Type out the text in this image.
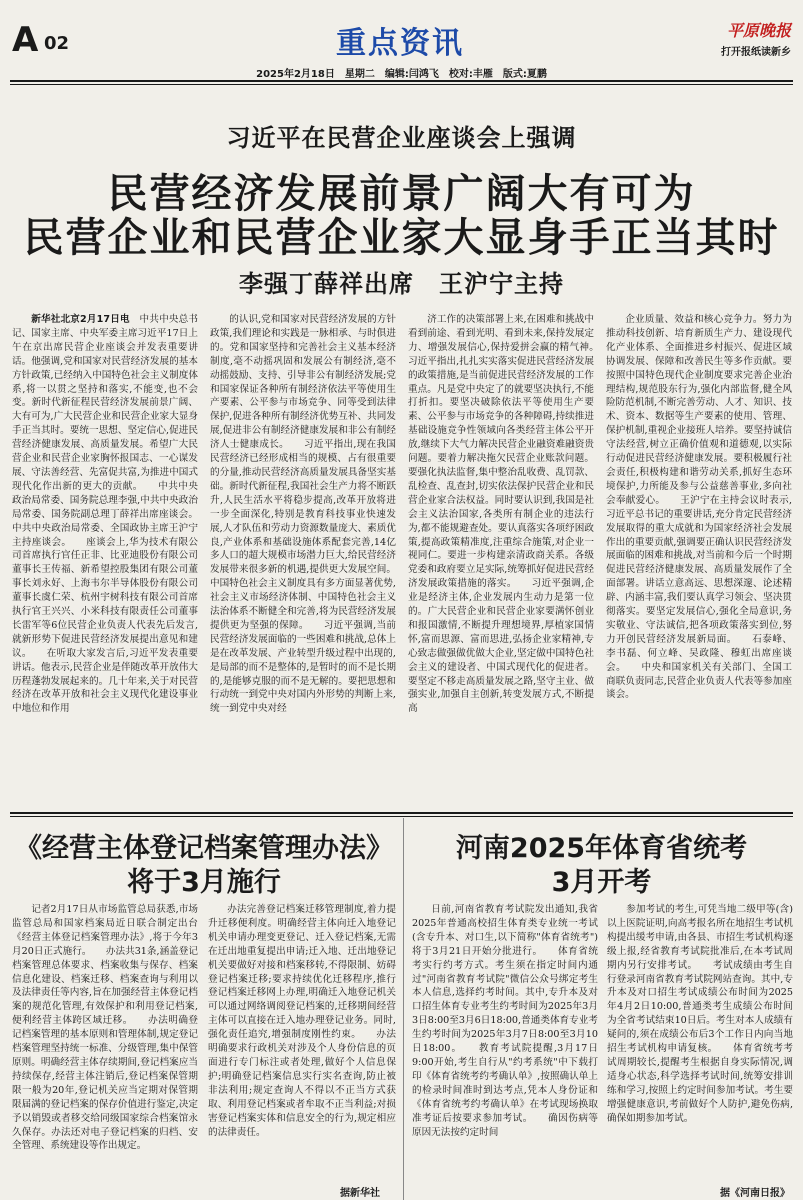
A 02	重点资讯	平原晚报
打开报纸读新乡
2025年2月18日　星期二　编辑:闫鸿飞　校对:丰雁　版式:夏鹏
习近平在民营企业座谈会上强调
民营经济发展前景广阔大有可为
民营企业和民营企业家大显身手正当其时
李强丁薛祥出席　王沪宁主持

新华社北京2月17日电　 中共中央总书记、国家主席、中央军委主席习近平17日上午在京出席民营企业座谈会并发表重要讲话。他强调,党和国家对民营经济发展的基本方针政策,已经纳入中国特色社会主义制度体系,将一以贯之坚持和落实,不能变,也不会变。新时代新征程民营经济发展前景广阔、大有可为,广大民营企业和民营企业家大显身手正当其时。要统一思想、坚定信心,促进民营经济健康发展、高质量发展。希望广大民营企业和民营企业家胸怀报国志、一心谋发展、守法善经营、先富促共富,为推进中国式现代化作出新的更大的贡献。　　中共中央政治局常委、国务院总理李强,中共中央政治局常委、国务院副总理丁薛祥出席座谈会。中共中央政治局常委、全国政协主席王沪宁主持座谈会。　　座谈会上,华为技术有限公司首席执行官任正非、比亚迪股份有限公司董事长王传福、新希望控股集团有限公司董事长刘永好、上海韦尔半导体股份有限公司董事长虞仁荣、杭州宇树科技有限公司首席执行官王兴兴、小米科技有限责任公司董事长雷军等6位民营企业负责人代表先后发言,就新形势下促进民营经济发展提出意见和建议。　　在听取大家发言后,习近平发表重要讲话。他表示,民营企业是伴随改革开放伟大历程蓬勃发展起来的。几十年来,关于对民营经济在改革开放和社会主义现代化建设事业中地位和作用

的认识,党和国家对民营经济发展的方针政策,我们理论和实践是一脉相承、与时俱进的。党和国家坚持和完善社会主义基本经济制度,毫不动摇巩固和发展公有制经济,毫不动摇鼓励、支持、引导非公有制经济发展;党和国家保证各种所有制经济依法平等使用生产要素、公平参与市场竞争、同等受到法律保护,促进各种所有制经济优势互补、共同发展,促进非公有制经济健康发展和非公有制经济人士健康成长。　　习近平指出,现在我国民营经济已经形成相当的规模、占有很重要的分量,推动民营经济高质量发展具备坚实基础。新时代新征程,我国社会生产力将不断跃升,人民生活水平将稳步提高,改革开放将进一步全面深化,特别是教育科技事业快速发展,人才队伍和劳动力资源数量庞大、素质优良,产业体系和基础设施体系配套完善,14亿多人口的超大规模市场潜力巨大,给民营经济发展带来很多新的机遇,提供更大发展空间。中国特色社会主义制度具有多方面显著优势,社会主义市场经济体制、中国特色社会主义法治体系不断健全和完善,将为民营经济发展提供更为坚强的保障。　　习近平强调,当前民营经济发展面临的一些困难和挑战,总体上是在改革发展、产业转型升级过程中出现的,是局部的而不是整体的,是暂时的而不是长期的,是能够克服的而不是无解的。要把思想和行动统一到党中央对国内外形势的判断上来,统一到党中央对经

济工作的决策部署上来,在困难和挑战中看到前途、看到光明、看到未来,保持发展定力、增强发展信心,保持爱拼会赢的精气神。　　习近平指出,扎扎实实落实促进民营经济发展的政策措施,是当前促进民营经济发展的工作重点。凡是党中央定了的就要坚决执行,不能打折扣。要坚决破除依法平等使用生产要素、公平参与市场竞争的各种障碍,持续推进基础设施竞争性领域向各类经营主体公平开放,继续下大气力解决民营企业融资难融资贵问题。要着力解决拖欠民营企业账款问题。要强化执法监督,集中整治乱收费、乱罚款、乱检查、乱查封,切实依法保护民营企业和民营企业家合法权益。同时要认识到,我国是社会主义法治国家,各类所有制企业的违法行为,都不能规避查处。要认真落实各项纾困政策,提高政策精准度,注重综合施策,对企业一视同仁。要进一步构建亲清政商关系。各级党委和政府要立足实际,统筹抓好促进民营经济发展政策措施的落实。　　习近平强调,企业是经济主体,企业发展内生动力是第一位的。广大民营企业和民营企业家要满怀创业和报国激情,不断提升理想境界,厚植家国情怀,富而思源、富而思进,弘扬企业家精神,专心致志做强做优做大企业,坚定做中国特色社会主义的建设者、中国式现代化的促进者。要坚定不移走高质量发展之路,坚守主业、做强实业,加强自主创新,转变发展方式,不断提高

企业质量、效益和核心竞争力。努力为推动科技创新、培育新质生产力、建设现代化产业体系、全面推进乡村振兴、促进区域协调发展、保障和改善民生等多作贡献。要按照中国特色现代企业制度要求完善企业治理结构,规范股东行为,强化内部监督,健全风险防范机制,不断完善劳动、人才、知识、技术、资本、数据等生产要素的使用、管理、保护机制,重视企业接班人培养。要坚持诚信守法经营,树立正确价值观和道德观,以实际行动促进民营经济健康发展。要积极履行社会责任,积极构建和谐劳动关系,抓好生态环境保护,力所能及参与公益慈善事业,多向社会奉献爱心。　　王沪宁在主持会议时表示,习近平总书记的重要讲话,充分肯定民营经济发展取得的重大成就和为国家经济社会发展作出的重要贡献,强调要正确认识民营经济发展面临的困难和挑战,对当前和今后一个时期促进民营经济健康发展、高质量发展作了全面部署。讲话立意高远、思想深邃、论述精辟、内涵丰富,我们要认真学习领会、坚决贯彻落实。要坚定发展信心,强化全局意识,务实敬业、守法诚信,把各项政策落实到位,努力开创民营经济发展新局面。　　石泰峰、李书磊、何立峰、吴政隆、穆虹出席座谈会。　　中央和国家机关有关部门、全国工商联负责同志,民营企业负责人代表等参加座谈会。

《经营主体登记档案管理办法》
将于3月施行

记者2月17日从市场监管总局获悉,市场监管总局和国家档案局近日联合制定出台《经营主体登记档案管理办法》,将于今年3月20日正式施行。　　办法共31条,涵盖登记档案管理总体要求、档案收集与保存、档案信息化建设、档案迁移、档案查询与利用以及法律责任等内容,旨在加强经营主体登记档案的规范化管理,有效保护和利用登记档案,便利经营主体跨区域迁移。　　办法明确登记档案管理的基本原则和管理体制,规定登记档案管理坚持统一标准、分级管理,集中保管原则。明确经营主体存续期间,登记档案应当持续保存,经营主体注销后,登记档案保管期限一般为20年,登记机关应当定期对保管期限届满的登记档案的保存价值进行鉴定,决定予以销毁或者移交给同级国家综合档案馆永久保存。办法还对电子登记档案的归档、安全管理、系统建设等作出规定。

办法完善登记档案迁移管理制度,着力提升迁移便利度。明确经营主体向迁入地登记机关申请办理变更登记、迁入登记档案,无需在迁出地重复提出申请;迁入地、迁出地登记机关要做好对接和档案移转,不得限制、妨碍登记档案迁移;要求持续优化迁移程序,推行登记档案迁移网上办理,明确迁入地登记机关可以通过网络调阅登记档案的,迁移期间经营主体可以直接在迁入地办理登记业务。同时,强化责任追究,增强制度刚性约束。　　办法明确要求行政机关对涉及个人身份信息的页面进行专门标注或者处理,做好个人信息保护;明确登记档案信息实行实名查询,防止被非法利用;规定查询人不得以不正当方式获取、利用登记档案或者牟取不正当利益;对损害登记档案实体和信息安全的行为,规定相应的法律责任。

据新华社
河南2025年体育省统考
3月开考

日前,河南省教育考试院发出通知,我省2025年普通高校招生体育类专业统一考试(含专升本、对口生,以下简称"体育省统考")将于3月21日开始分批进行。　　体育省统考实行约考方式。考生须在指定时间内通过"河南省教育考试院"微信公众号绑定考生本人信息,选择约考时间。其中,专升本及对口招生体育专业考生约考时间为2025年3月3日8:00至3月6日18:00,普通类体育专业考生约考时间为2025年3月7日8:00至3月10日18:00。　　教育考试院提醒,3月17日9:00开始,考生自行从"约考系统"中下载打印《体育省统考约考确认单》,按照确认单上的检录时间准时到达考点,凭本人身份证和《体育省统考约考确认单》在考试现场换取准考证后按要求参加考试。　　确因伤病等原因无法按约定时间

参加考试的考生,可凭当地二级甲等(含)以上医院证明,向高考报名所在地招生考试机构提出缓考申请,由各县、市招生考试机构逐级上报,经省教育考试院批准后,在本考试周期内另行安排考试。　　考试成绩由考生自行登录河南省教育考试院网站查询。其中,专升本及对口招生考试成绩公布时间为2025年4月2日10:00,普通类考生成绩公布时间为全省考试结束10日后。考生对本人成绩有疑问的,须在成绩公布后3个工作日内向当地招生考试机构申请复核。　　体育省统考考试周期较长,提醒考生根据自身实际情况,调适身心状态,科学选择考试时间,统筹安排训练和学习,按照上约定时间参加考试。考生要增强健康意识,考前做好个人防护,避免伤病,确保如期参加考试。

据《河南日报》
